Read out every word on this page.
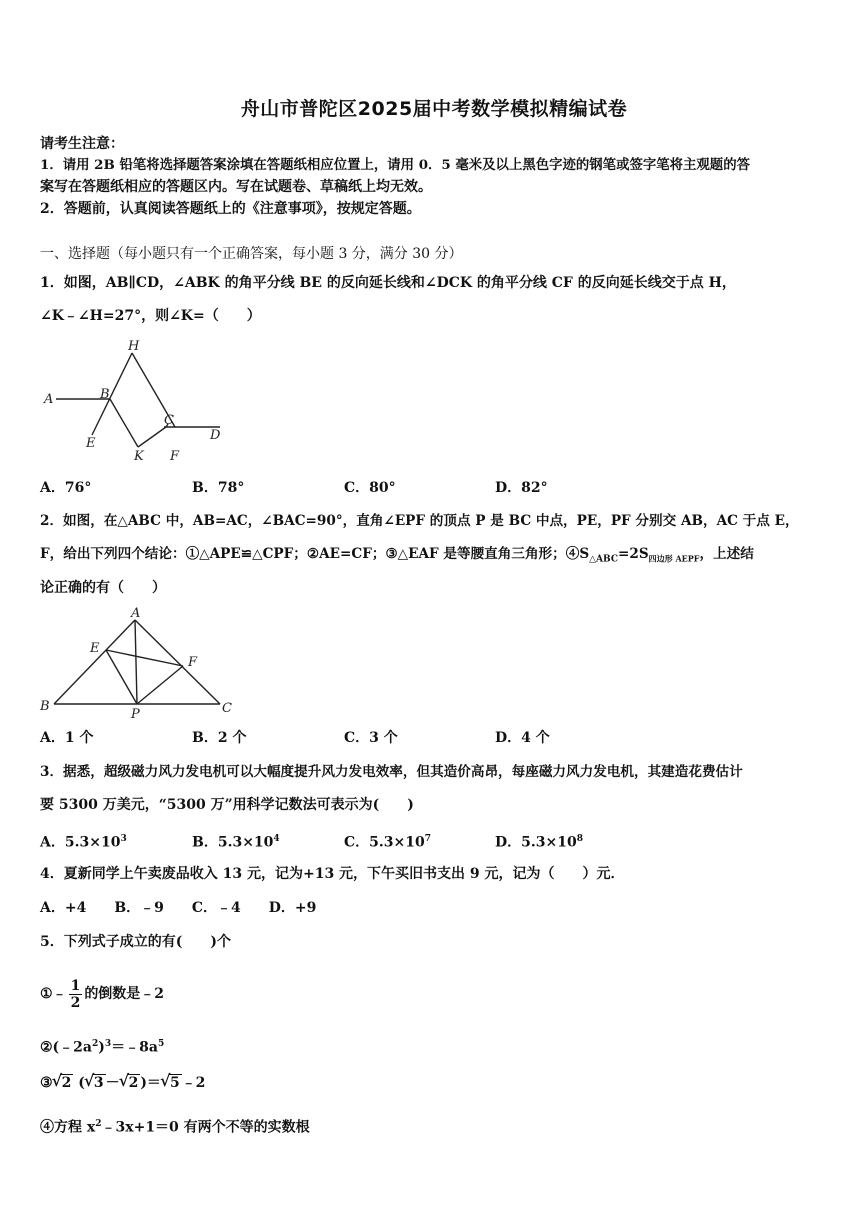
舟山市普陀区2025届中考数学模拟精编试卷
请考生注意：
1．请用 2B 铅笔将选择题答案涂填在答题纸相应位置上，请用 0．5 毫米及以上黑色字迹的钢笔或签字笔将主观题的答
案写在答题纸相应的答题区内。写在试题卷、草稿纸上均无效。
2．答题前，认真阅读答题纸上的《注意事项》，按规定答题。
一、选择题（每小题只有一个正确答案，每小题 3 分，满分 30 分）
1．如图，AB∥CD，∠ABK 的角平分线 BE 的反向延长线和∠DCK 的角平分线 CF 的反向延长线交于点 H，
∠K﹣∠H=27°，则∠K=（　　）
H
A	B
C
D
E
K F
A．76°	B．78°	C．80°	D．82°
2．如图，在△ABC 中，AB=AC，∠BAC=90°，直角∠EPF 的顶点 P 是 BC 中点，PE，PF 分别交 AB，AC 于点 E，
F，给出下列四个结论：①△APE≌△CPF；②AE=CF；③△EAF 是等腰直角三角形；$④S_{\triangle ABC}=2S_{四边形 AEPF}$，上述结
论正确的有（　　）
A
E
F
B
P	C
A．1 个	B．2 个	C．3 个	D．4 个
3．据悉，超级磁力风力发电机可以大幅度提升风力发电效率，但其造价高昂，每座磁力风力发电机，其建造花费估计
要 5300 万美元，“5300 万”用科学记数法可表示为(　　)
A．$5.3\times 10^3$	B．$5.3\times 10^4$	C．$5.3\times 10^7$	D．$5.3\times 10^8$
4．夏新同学上午卖废品收入 13 元，记为+13 元，下午买旧书支出 9 元，记为（　　）元．
A．+4　　B．﹣9　　C．﹣4　　D．+9
5．下列式子成立的有(　　)个
①﹣ $\frac{1}{2}$ 的倒数是﹣2
$②(﹣2a^2)^3=﹣8a^5$
③ √ 2 ( √ 3 － √ 2 )＝ √ 5 ﹣2
④方程 $x^2﹣3x+1=0$ 有两个不等的实数根
